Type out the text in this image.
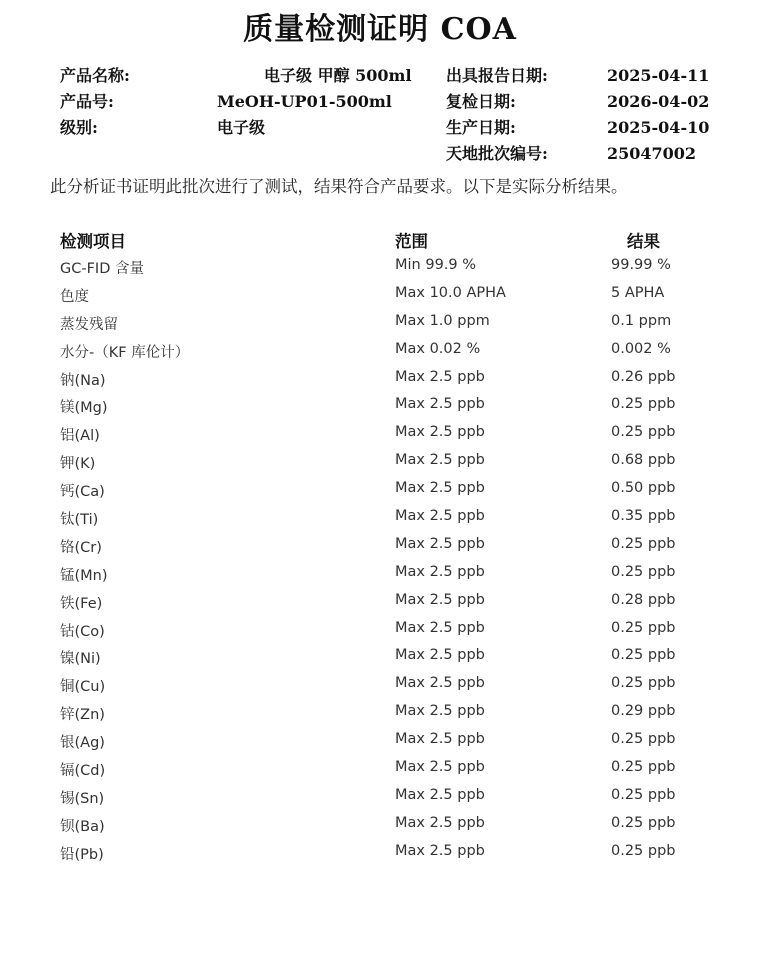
质量检测证明 COA
产品名称:	电子级 甲醇 500ml
产品号:	MeOH-UP01-500ml
级别:	电子级
出具报告日期:	2025-04-11
复检日期:	2026-04-02
生产日期:	2025-04-10
天地批次编号:	25047002
此分析证书证明此批次进行了测试，结果符合产品要求。以下是实际分析结果。
检测项目	范围	结果
GC-FID 含量	Min 99.9 %	99.99 %
色度	Max 10.0 APHA	5 APHA
蒸发残留	Max 1.0 ppm	0.1 ppm
水分-（KF 库伦计）	Max 0.02 %	0.002 %
钠(Na)	Max 2.5 ppb	0.26 ppb
镁(Mg)	Max 2.5 ppb	0.25 ppb
铝(Al)	Max 2.5 ppb	0.25 ppb
钾(K)	Max 2.5 ppb	0.68 ppb
钙(Ca)	Max 2.5 ppb	0.50 ppb
钛(Ti)	Max 2.5 ppb	0.35 ppb
铬(Cr)	Max 2.5 ppb	0.25 ppb
锰(Mn)	Max 2.5 ppb	0.25 ppb
铁(Fe)	Max 2.5 ppb	0.28 ppb
钴(Co)	Max 2.5 ppb	0.25 ppb
镍(Ni)	Max 2.5 ppb	0.25 ppb
铜(Cu)	Max 2.5 ppb	0.25 ppb
锌(Zn)	Max 2.5 ppb	0.29 ppb
银(Ag)	Max 2.5 ppb	0.25 ppb
镉(Cd)	Max 2.5 ppb	0.25 ppb
锡(Sn)	Max 2.5 ppb	0.25 ppb
钡(Ba)	Max 2.5 ppb	0.25 ppb
铅(Pb)	Max 2.5 ppb	0.25 ppb
